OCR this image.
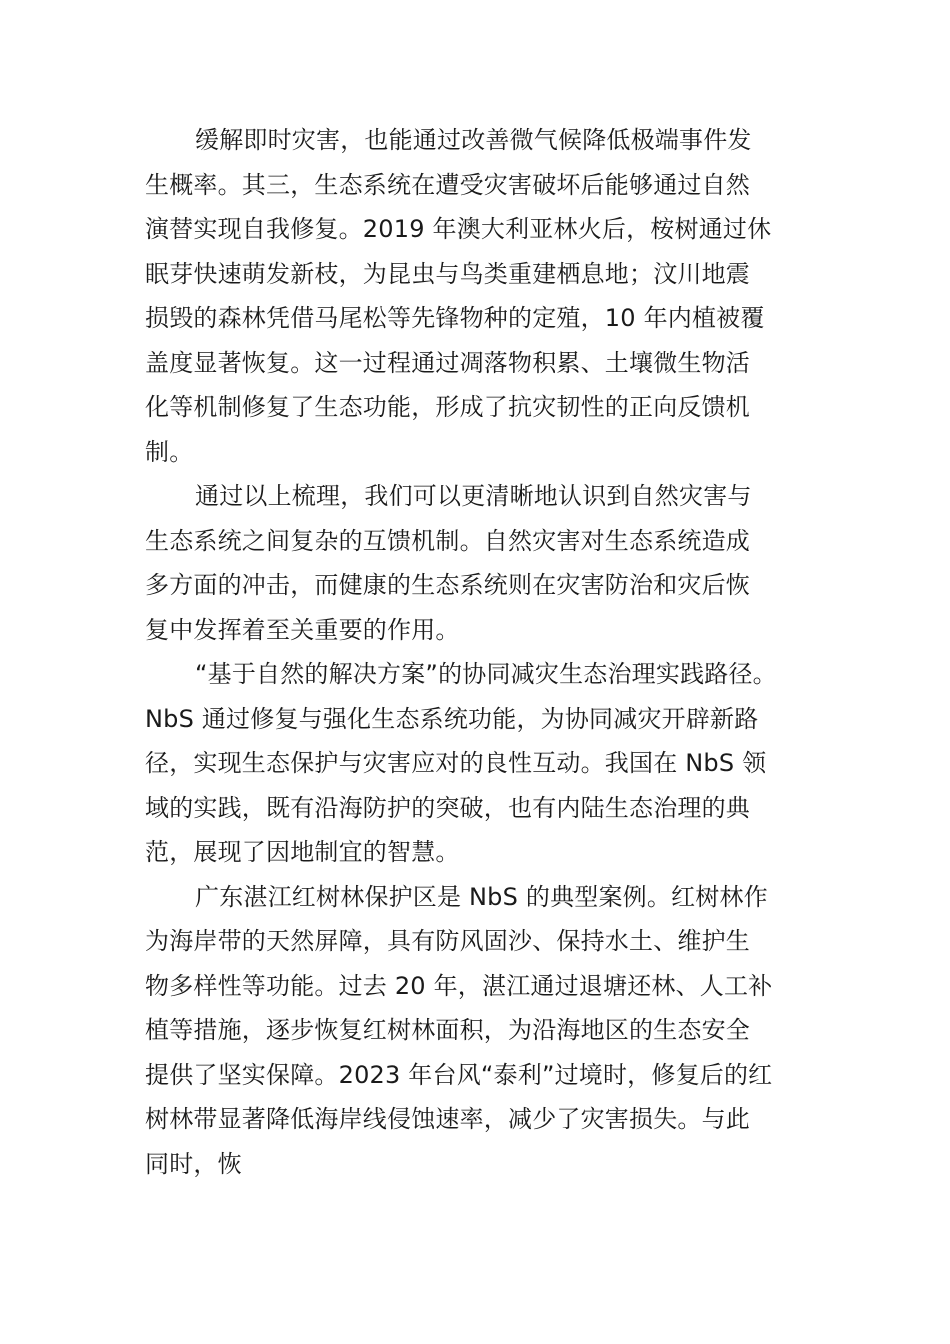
缓解即时灾害，也能通过改善微气候降低极端事件发
生概率。其三，生态系统在遭受灾害破坏后能够通过自然
演替实现自我修复。2019 年澳大利亚林火后，桉树通过休
眠芽快速萌发新枝，为昆虫与鸟类重建栖息地；汶川地震
损毁的森林凭借马尾松等先锋物种的定殖，10 年内植被覆
盖度显著恢复。这一过程通过凋落物积累、土壤微生物活
化等机制修复了生态功能，形成了抗灾韧性的正向反馈机
制。
通过以上梳理，我们可以更清晰地认识到自然灾害与
生态系统之间复杂的互馈机制。自然灾害对生态系统造成
多方面的冲击，而健康的生态系统则在灾害防治和灾后恢
复中发挥着至关重要的作用。
“基于自然的解决方案”的协同减灾生态治理实践路径。
NbS 通过修复与强化生态系统功能，为协同减灾开辟新路
径，实现生态保护与灾害应对的良性互动。我国在 NbS 领
域的实践，既有沿海防护的突破，也有内陆生态治理的典
范，展现了因地制宜的智慧。
广东湛江红树林保护区是 NbS 的典型案例。红树林作
为海岸带的天然屏障，具有防风固沙、保持水土、维护生
物多样性等功能。过去 20 年，湛江通过退塘还林、人工补
植等措施，逐步恢复红树林面积，为沿海地区的生态安全
提供了坚实保障。2023 年台风“泰利”过境时，修复后的红
树林带显著降低海岸线侵蚀速率，减少了灾害损失。与此
同时，恢
